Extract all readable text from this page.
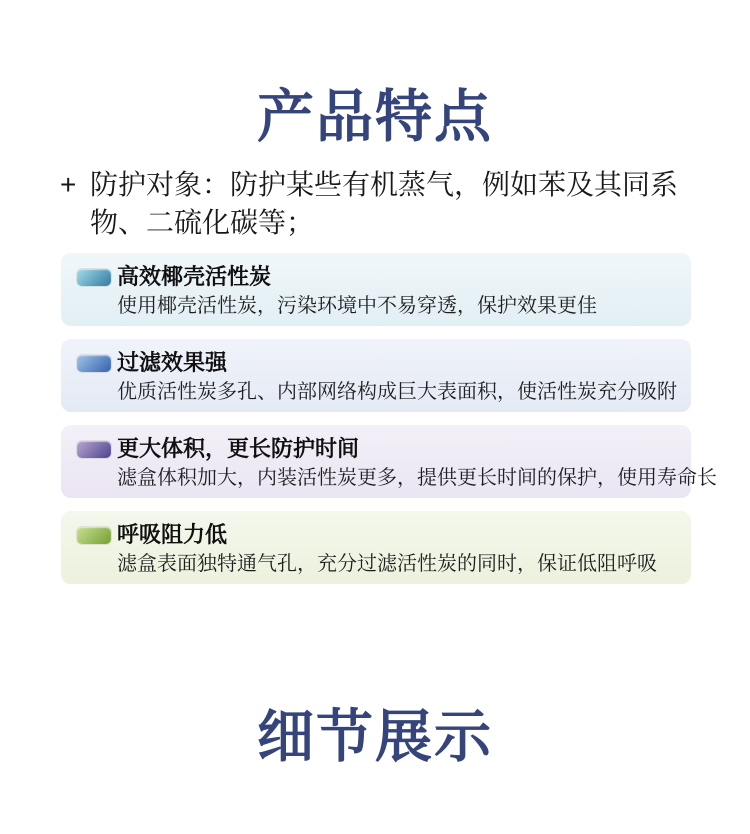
产品特点
+ 防护对象：防护某些有机蒸气，例如苯及其同系物、二硫化碳等；

高效椰壳活性炭

使用椰壳活性炭，污染环境中不易穿透，保护效果更佳

过滤效果强

优质活性炭多孔、内部网络构成巨大表面积，使活性炭充分吸附

更大体积，更长防护时间

滤盒体积加大，内装活性炭更多，提供更长时间的保护，使用寿命长

呼吸阻力低

滤盒表面独特通气孔，充分过滤活性炭的同时，保证低阻呼吸

细节展示
